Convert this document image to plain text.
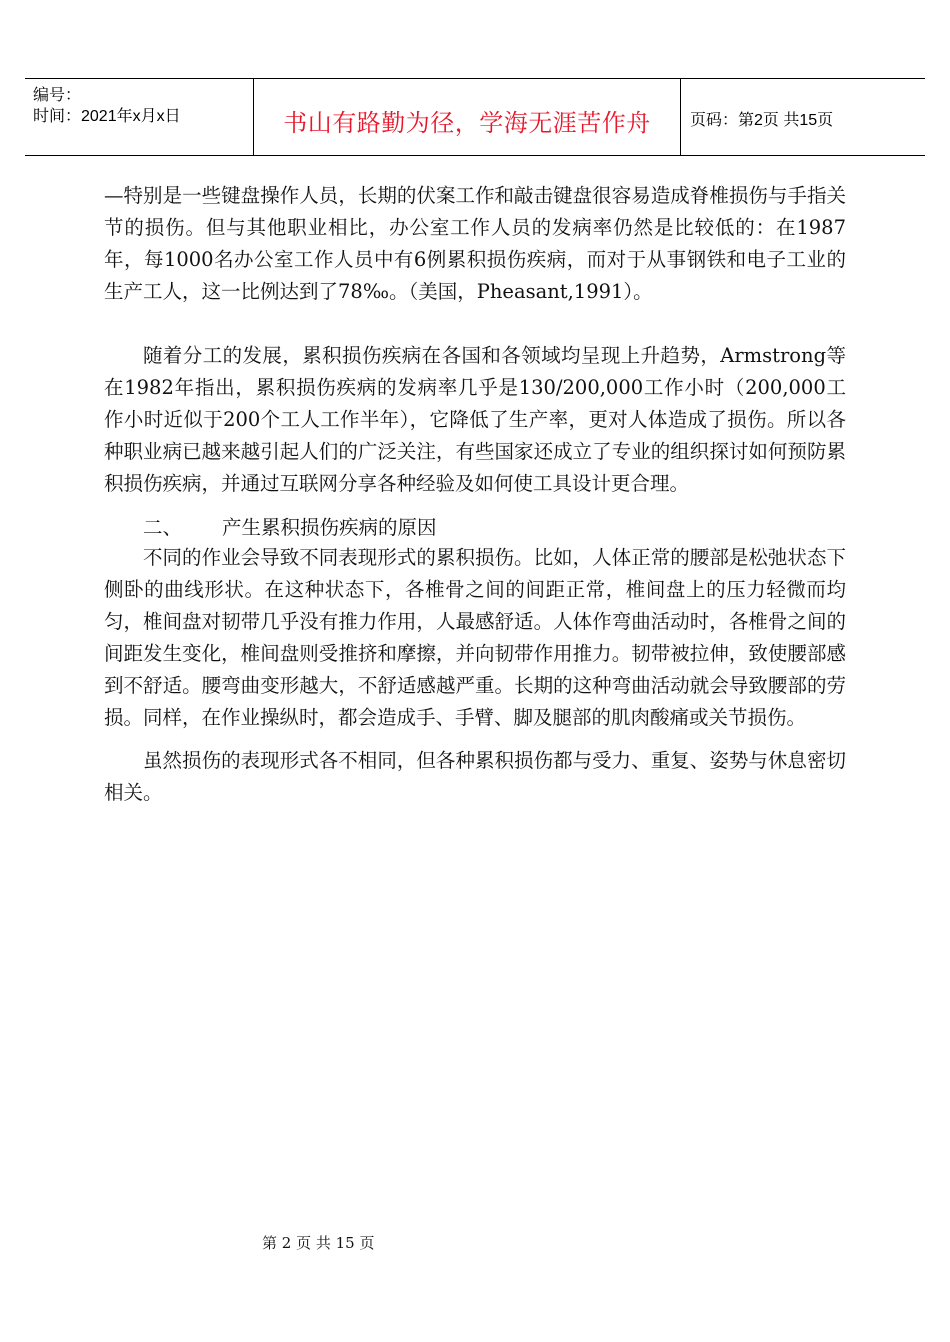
编号：
时间：2021年x月x日	书山有路勤为径，学海无涯苦作舟	页码：第2页 共15页

—特别是一些键盘操作人员，长期的伏案工作和敲击键盘很容易造成脊椎损伤与手指关节的损伤。但与其他职业相比，办公室工作人员的发病率仍然是比较低的：在1987年，每1000名办公室工作人员中有6例累积损伤疾病，而对于从事钢铁和电子工业的生产工人，这一比例达到了78‰。（美国，Pheasant,1991）。

随着分工的发展，累积损伤疾病在各国和各领域均呈现上升趋势，Armstrong等在1982年指出，累积损伤疾病的发病率几乎是130/200,000工作小时（200,000工作小时近似于200个工人工作半年），它降低了生产率，更对人体造成了损伤。所以各种职业病已越来越引起人们的广泛关注，有些国家还成立了专业的组织探讨如何预防累积损伤疾病，并通过互联网分享各种经验及如何使工具设计更合理。

二、 产生累积损伤疾病的原因

不同的作业会导致不同表现形式的累积损伤。比如，人体正常的腰部是松弛状态下侧卧的曲线形状。在这种状态下，各椎骨之间的间距正常，椎间盘上的压力轻微而均匀，椎间盘对韧带几乎没有推力作用，人最感舒适。人体作弯曲活动时，各椎骨之间的间距发生变化，椎间盘则受推挤和摩擦，并向韧带作用推力。韧带被拉伸，致使腰部感到不舒适。腰弯曲变形越大，不舒适感越严重。长期的这种弯曲活动就会导致腰部的劳损。同样，在作业操纵时，都会造成手、手臂、脚及腿部的肌肉酸痛或关节损伤。

虽然损伤的表现形式各不相同，但各种累积损伤都与受力、重复、姿势与休息密切相关。

第 2 页 共 15 页
